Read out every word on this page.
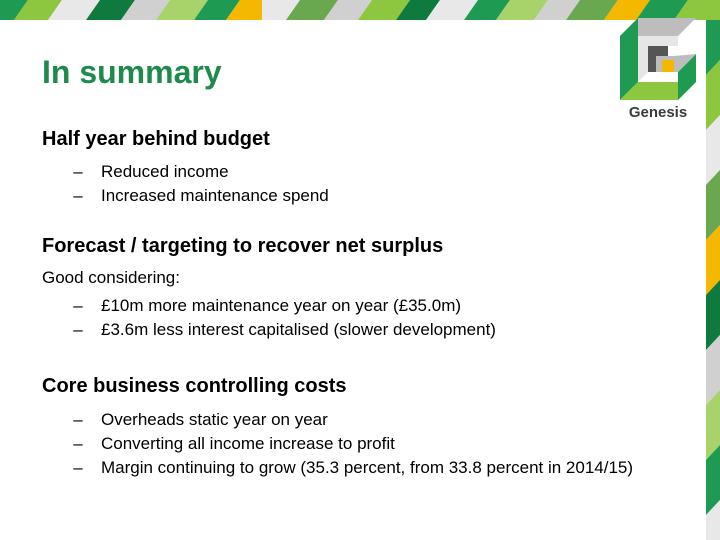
In summary
Genesis
Half year behind budget
–	Reduced income
–	Increased maintenance spend
Forecast / targeting to recover net surplus

Good considering:

–	£10m more maintenance year on year (£35.0m)
–	£3.6m less interest capitalised (slower development)
Core business controlling costs
–	Overheads static year on year
–	Converting all income increase to profit
–	Margin continuing to grow (35.3 percent, from 33.8 percent in 2014/15)
